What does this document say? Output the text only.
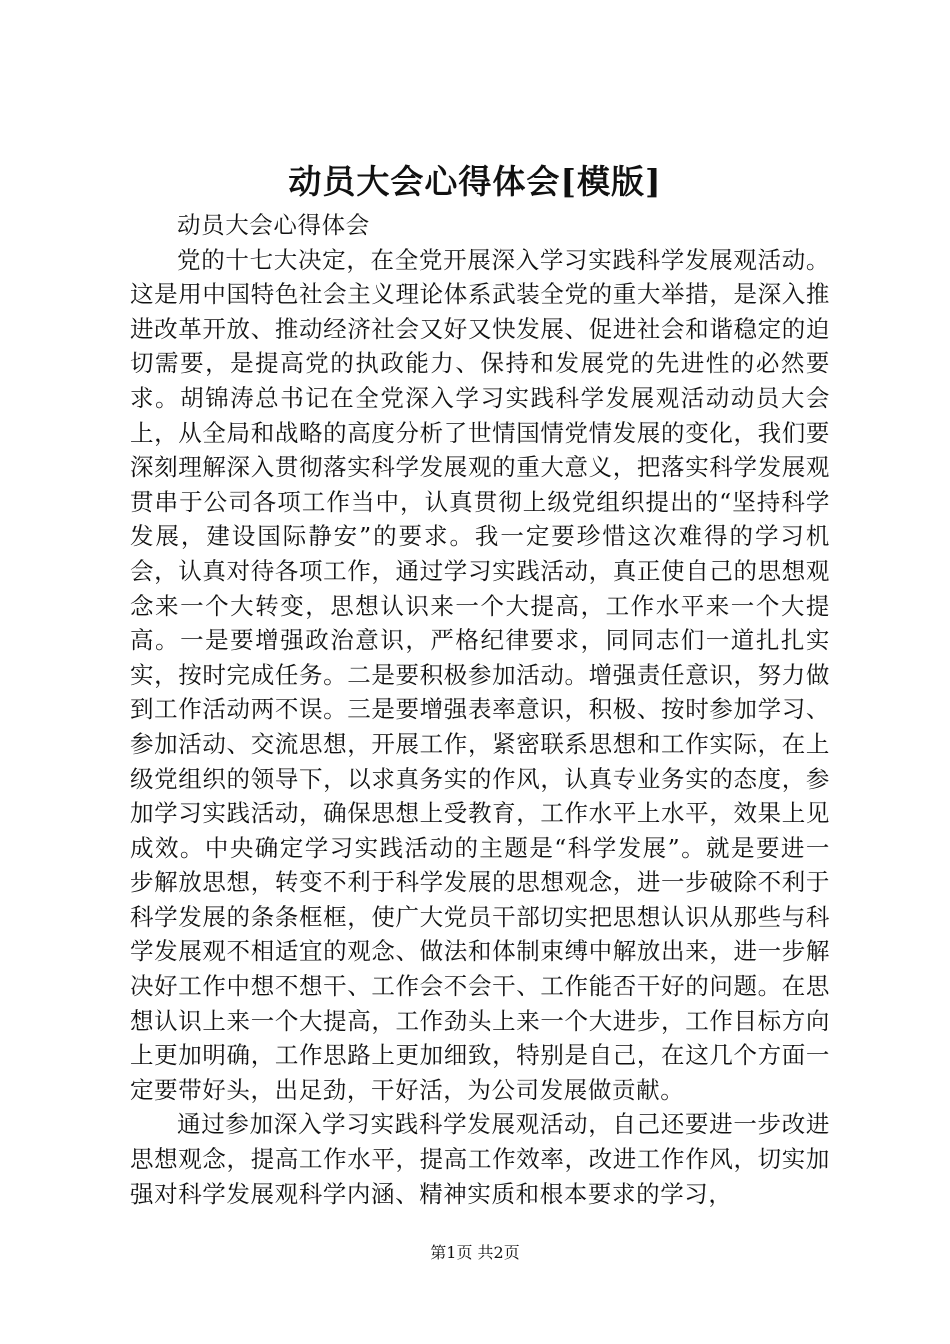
动员大会心得体会[模版]

动员大会心得体会

党的十七大决定，在全党开展深入学习实践科学发展观活动。这是用中国特色社会主义理论体系武装全党的重大举措，是深入推进改革开放、推动经济社会又好又快发展、促进社会和谐稳定的迫切需要，是提高党的执政能力、保持和发展党的先进性的必然要求。胡锦涛总书记在全党深入学习实践科学发展观活动动员大会上，从全局和战略的高度分析了世情国情党情发展的变化，我们要深刻理解深入贯彻落实科学发展观的重大意义，把落实科学发展观贯串于公司各项工作当中，认真贯彻上级党组织提出的“坚持科学发展，建设国际静安”的要求。我一定要珍惜这次难得的学习机会，认真对待各项工作，通过学习实践活动，真正使自己的思想观念来一个大转变，思想认识来一个大提高，工作水平来一个大提高。一是要增强政治意识，严格纪律要求，同同志们一道扎扎实实，按时完成任务。二是要积极参加活动。增强责任意识，努力做到工作活动两不误。三是要增强表率意识，积极、按时参加学习、参加活动、交流思想，开展工作，紧密联系思想和工作实际，在上级党组织的领导下，以求真务实的作风，认真专业务实的态度，参加学习实践活动，确保思想上受教育，工作水平上水平，效果上见成效。中央确定学习实践活动的主题是“科学发展”。就是要进一步解放思想，转变不利于科学发展的思想观念，进一步破除不利于科学发展的条条框框，使广大党员干部切实把思想认识从那些与科学发展观不相适宜的观念、做法和体制束缚中解放出来，进一步解决好工作中想不想干、工作会不会干、工作能否干好的问题。在思想认识上来一个大提高，工作劲头上来一个大进步，工作目标方向上更加明确，工作思路上更加细致，特别是自己，在这几个方面一定要带好头，出足劲，干好活，为公司发展做贡献。

通过参加深入学习实践科学发展观活动，自己还要进一步改进思想观念，提高工作水平，提高工作效率，改进工作作风，切实加强对科学发展观科学内涵、精神实质和根本要求的学习，

第1页 共2页
